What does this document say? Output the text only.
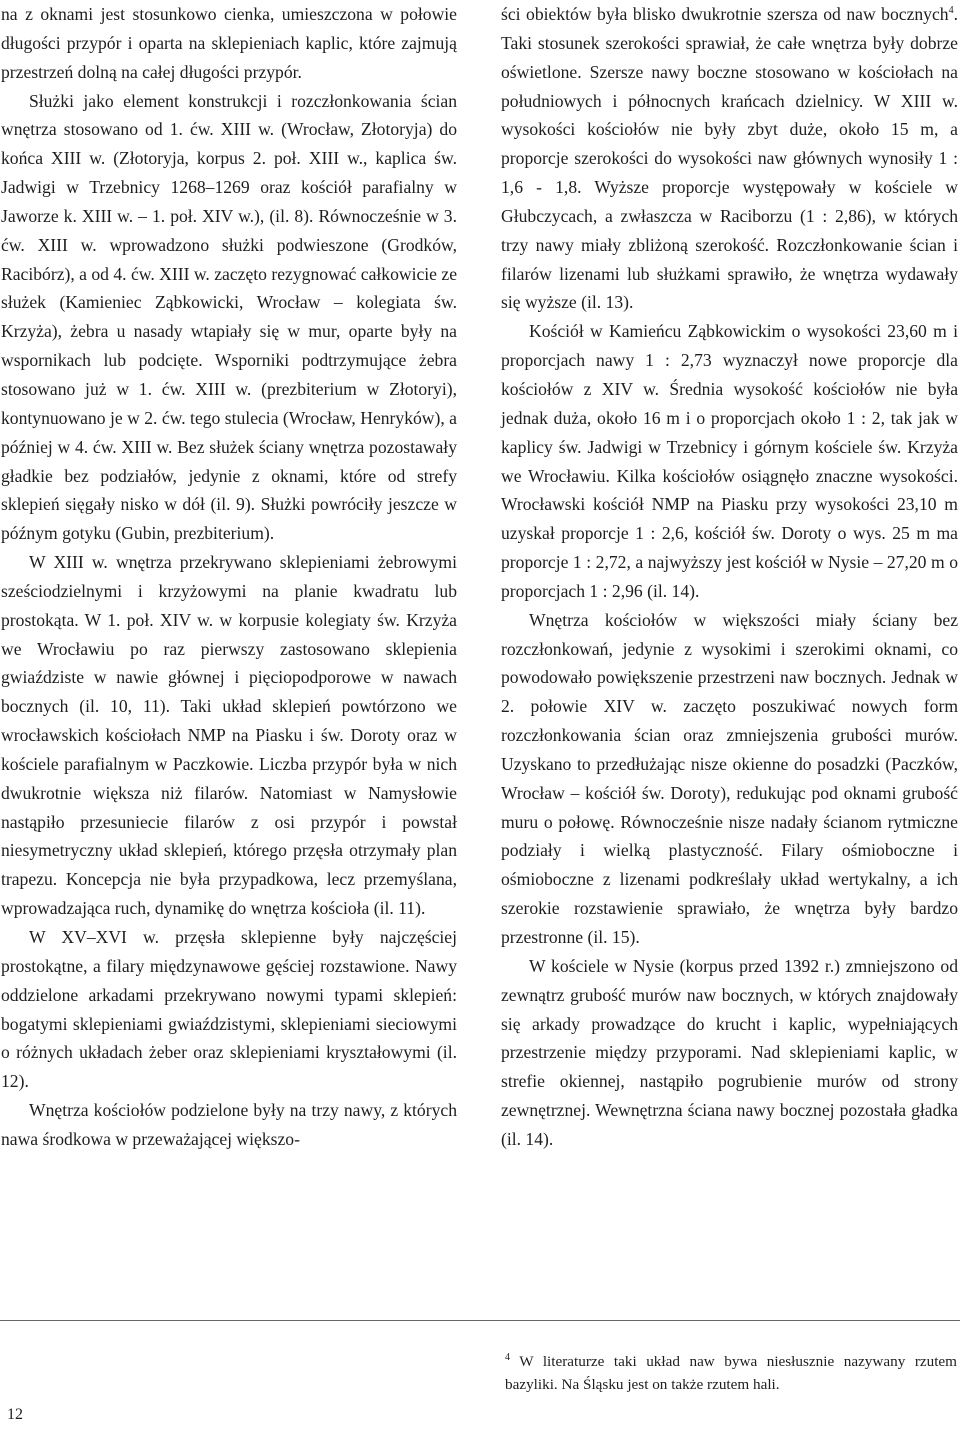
na z oknami jest stosunkowo cienka, umieszczona w połowie długości przypór i oparta na sklepieniach kaplic, które zajmują przestrzeń dolną na całej długości przypór.

Służki jako element konstrukcji i rozczłonkowania ścian wnętrza stosowano od 1. ćw. XIII w. (Wrocław, Złotoryja) do końca XIII w. (Złotoryja, korpus 2. poł. XIII w., kaplica św. Jadwigi w Trzebnicy 1268–1269 oraz kościół parafialny w Jaworze k. XIII w. – 1. poł. XIV w.), (il. 8). Równocześnie w 3. ćw. XIII w. wprowadzono służki podwieszone (Grodków, Racibórz), a od 4. ćw. XIII w. zaczęto rezygnować całkowicie ze służek (Kamieniec Ząbkowicki, Wrocław – kolegiata św. Krzyża), żebra u nasady wtapiały się w mur, oparte były na wspornikach lub podcięte. Wsporniki podtrzymujące żebra stosowano już w 1. ćw. XIII w. (prezbiterium w Złotoryi), kontynuowano je w 2. ćw. tego stulecia (Wrocław, Henryków), a później w 4. ćw. XIII w. Bez służek ściany wnętrza pozostawały gładkie bez podziałów, jedynie z oknami, które od strefy sklepień sięgały nisko w dół (il. 9). Służki powróciły jeszcze w późnym gotyku (Gubin, prezbiterium).

W XIII w. wnętrza przekrywano sklepieniami żebrowymi sześciodzielnymi i krzyżowymi na planie kwadratu lub prostokąta. W 1. poł. XIV w. w korpusie kolegiaty św. Krzyża we Wrocławiu po raz pierwszy zastosowano sklepienia gwiaździste w nawie głównej i pięciopodporowe w nawach bocznych (il. 10, 11). Taki układ sklepień powtórzono we wrocławskich kościołach NMP na Piasku i św. Doroty oraz w kościele parafialnym w Paczkowie. Liczba przypór była w nich dwukrotnie większa niż filarów. Natomiast w Namysłowie nastąpiło przesuniecie filarów z osi przypór i powstał niesymetryczny układ sklepień, którego przęsła otrzymały plan trapezu. Koncepcja nie była przypadkowa, lecz przemyślana, wprowadzająca ruch, dynamikę do wnętrza kościoła (il. 11).

W XV–XVI w. przęsła sklepienne były najczęściej prostokątne, a filary międzynawowe gęściej rozstawione. Nawy oddzielone arkadami przekrywano nowymi typami sklepień: bogatymi sklepieniami gwiaździstymi, sklepieniami sieciowymi o różnych układach żeber oraz sklepieniami kryształowymi (il. 12).

Wnętrza kościołów podzielone były na trzy nawy, z których nawa środkowa w przeważającej większo-

ści obiektów była blisko dwukrotnie szersza od naw bocznych$^4$. Taki stosunek szerokości sprawiał, że całe wnętrza były dobrze oświetlone. Szersze nawy boczne stosowano w kościołach na południowych i północnych krańcach dzielnicy. W XIII w. wysokości kościołów nie były zbyt duże, około 15 m, a proporcje szerokości do wysokości naw głównych wynosiły 1 : 1,6 - 1,8. Wyższe proporcje występowały w kościele w Głubczycach, a zwłaszcza w Raciborzu (1 : 2,86), w których trzy nawy miały zbliżoną szerokość. Rozczłonkowanie ścian i filarów lizenami lub służkami sprawiło, że wnętrza wydawały się wyższe (il. 13).

Kościół w Kamieńcu Ząbkowickim o wysokości 23,60 m i proporcjach nawy 1 : 2,73 wyznaczył nowe proporcje dla kościołów z XIV w. Średnia wysokość kościołów nie była jednak duża, około 16 m i o proporcjach około 1 : 2, tak jak w kaplicy św. Jadwigi w Trzebnicy i górnym kościele św. Krzyża we Wrocławiu. Kilka kościołów osiągnęło znaczne wysokości. Wrocławski kościół NMP na Piasku przy wysokości 23,10 m uzyskał proporcje 1 : 2,6, kościół św. Doroty o wys. 25 m ma proporcje 1 : 2,72, a najwyższy jest kościół w Nysie – 27,20 m o proporcjach 1 : 2,96 (il. 14).

Wnętrza kościołów w większości miały ściany bez rozczłonkowań, jedynie z wysokimi i szerokimi oknami, co powodowało powiększenie przestrzeni naw bocznych. Jednak w 2. połowie XIV w. zaczęto poszukiwać nowych form rozczłonkowania ścian oraz zmniejszenia grubości murów. Uzyskano to przedłużając nisze okienne do posadzki (Paczków, Wrocław – kościół św. Doroty), redukując pod oknami grubość muru o połowę. Równocześnie nisze nadały ścianom rytmiczne podziały i wielką plastyczność. Filary ośmioboczne i ośmioboczne z lizenami podkreślały układ wertykalny, a ich szerokie rozstawienie sprawiało, że wnętrza były bardzo przestronne (il. 15).

W kościele w Nysie (korpus przed 1392 r.) zmniejszono od zewnątrz grubość murów naw bocznych, w których znajdowały się arkady prowadzące do krucht i kaplic, wypełniających przestrzenie między przyporami. Nad sklepieniami kaplic, w strefie okiennej, nastąpiło pogrubienie murów od strony zewnętrznej. Wewnętrzna ściana nawy bocznej pozostała gładka (il. 14).

$^4$ W literaturze taki układ naw bywa niesłusznie nazywany rzutem bazyliki. Na Śląsku jest on także rzutem hali.

12
